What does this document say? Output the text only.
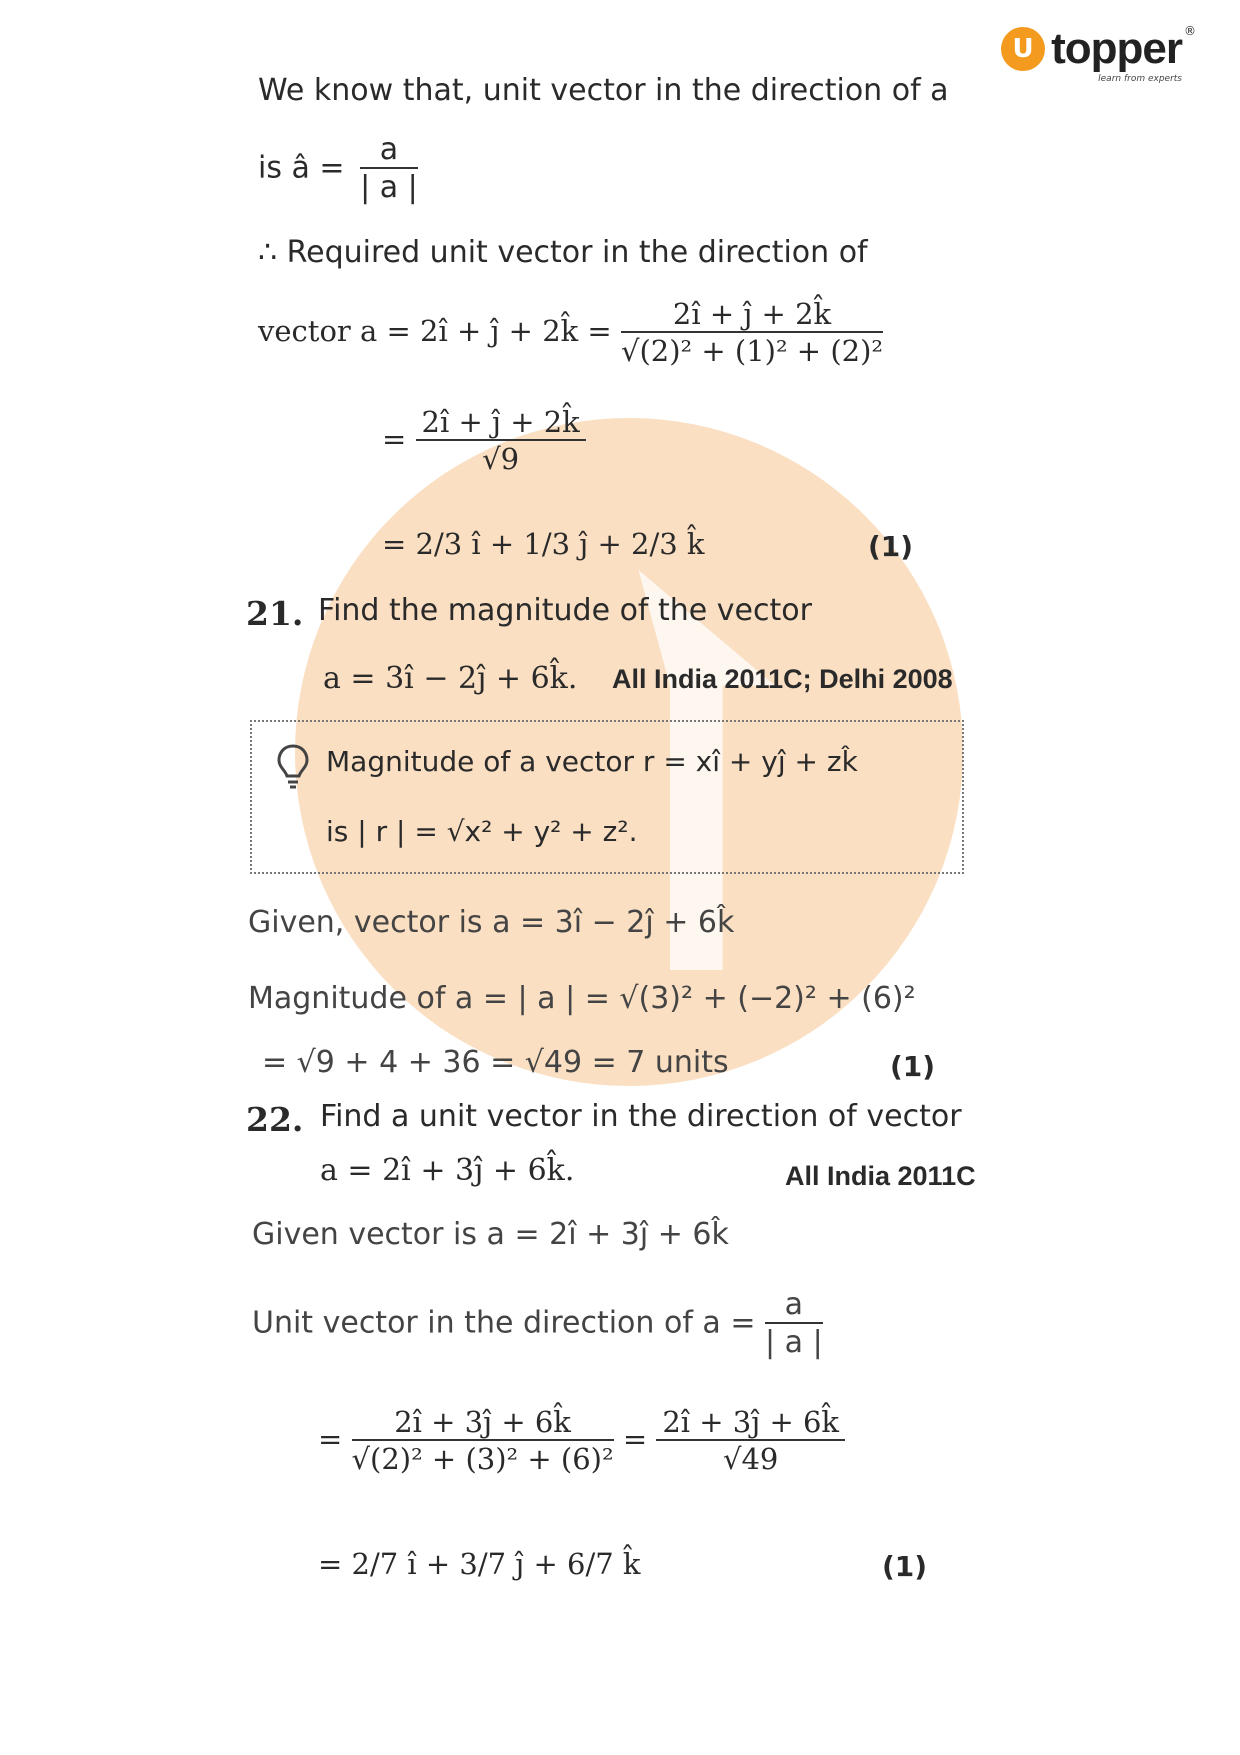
U topper ®
learn from experts
We know that, unit vector in the direction of a
is â = $\frac{a}{| a |}$
∴ Required unit vector in the direction of
vector a = 2î + ĵ + 2k̂ = $\frac{2î + ĵ + 2k̂}{\text{√(2)² + (1)² + (2)²}}$
= $\frac{2î + ĵ + 2k̂}{√9}$
= 2/3 î + 1/3 ĵ + 2/3 k̂	(1)
21. Find the magnitude of the vector
a = 3î − 2ĵ + 6k̂. All India 2011C; Delhi 2008
Magnitude of a vector r = xî + yĵ + zk̂
is | r | = √x² + y² + z².
Given, vector is a = 3î − 2ĵ + 6k̂
Magnitude of a = | a | = √(3)² + (−2)² + (6)²
= √9 + 4 + 36 = √49 = 7 units	(1)
22. Find a unit vector in the direction of vector
a = 2î + 3ĵ + 6k̂.	All India 2011C
Given vector is a = 2î + 3ĵ + 6k̂
Unit vector in the direction of $a = \frac{a}{| a |}$
= $\frac{2î + 3ĵ + 6k̂}{\text{√(2)² + (3)² + (6)²}} = \frac{2î + 3ĵ + 6k̂}{√49}$
= 2/7 î + 3/7 ĵ + 6/7 k̂	(1)
